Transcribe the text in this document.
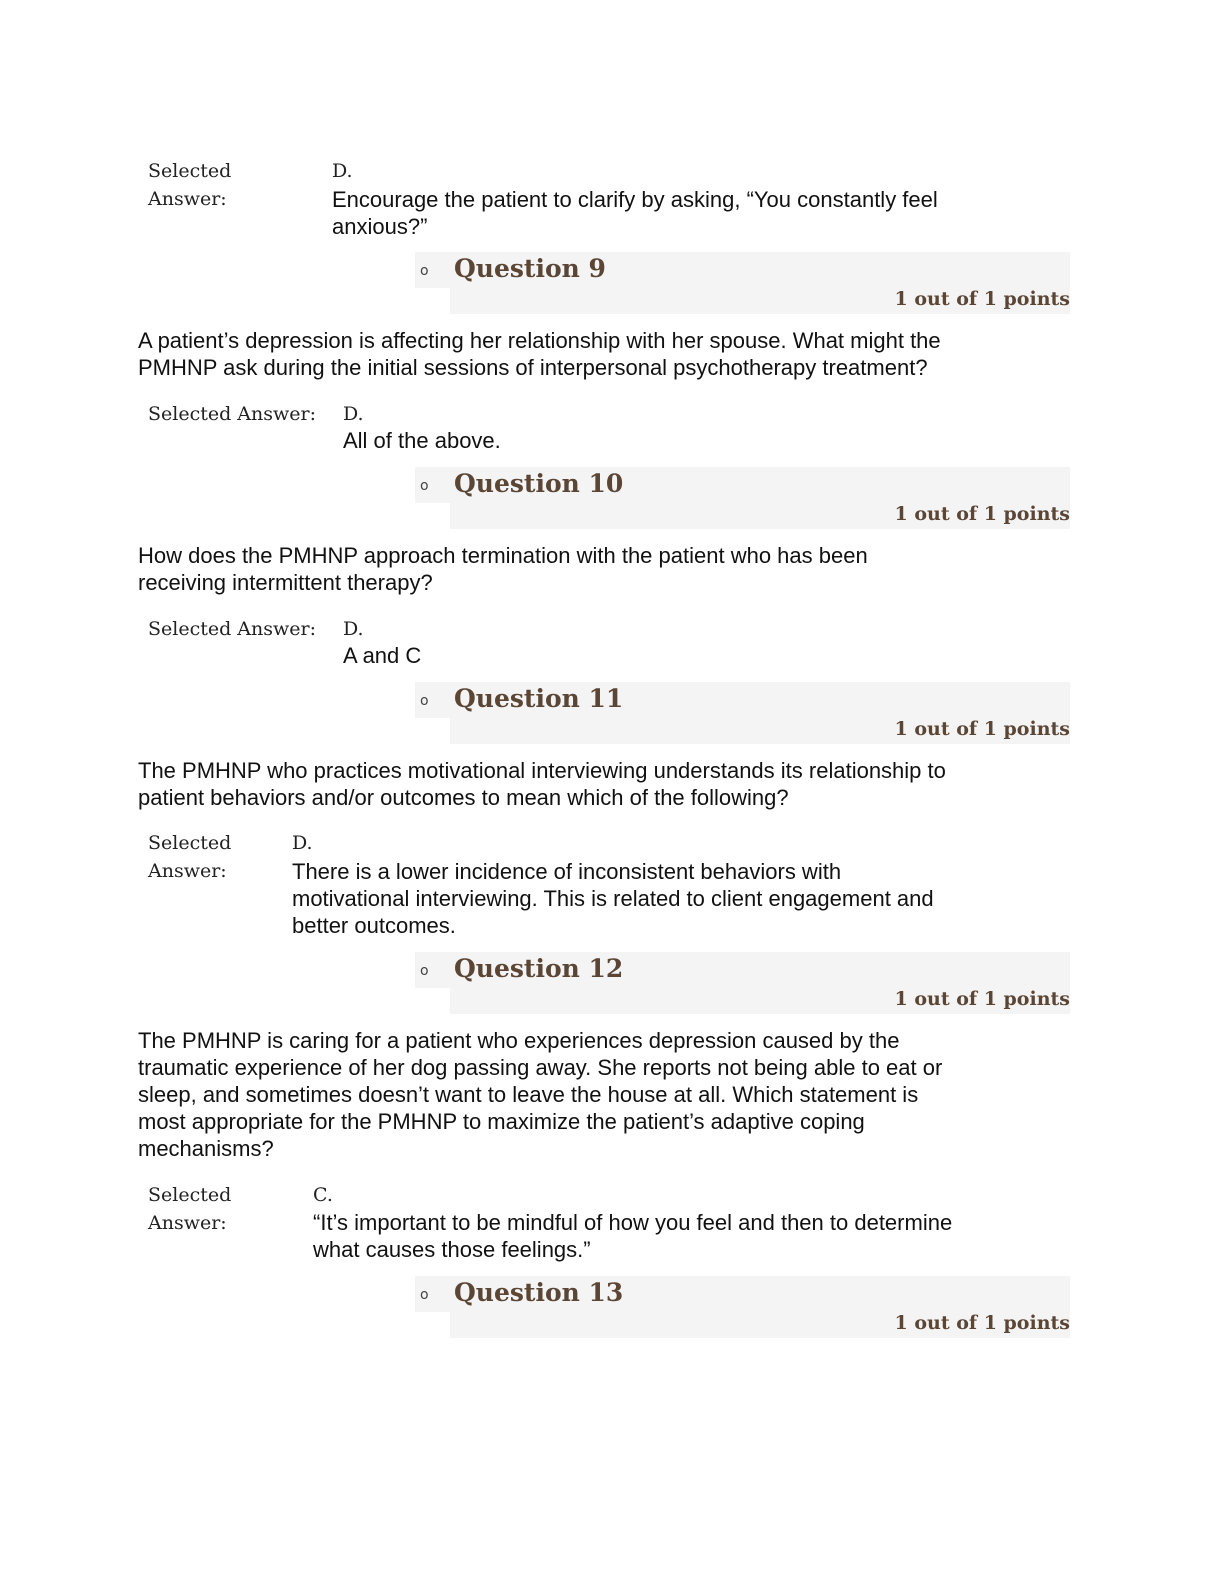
Selected
Answer:
D.
Encourage the patient to clarify by asking, “You constantly feel
anxious?”
o Question 9
1 out of 1 points
A patient’s depression is affecting her relationship with her spouse. What might the
PMHNP ask during the initial sessions of interpersonal psychotherapy treatment?
Selected Answer: D.
All of the above.
o Question 10
1 out of 1 points
How does the PMHNP approach termination with the patient who has been
receiving intermittent therapy?
Selected Answer: D.
A and C
o Question 11
1 out of 1 points
The PMHNP who practices motivational interviewing understands its relationship to
patient behaviors and/or outcomes to mean which of the following?
Selected
Answer:
D.
There is a lower incidence of inconsistent behaviors with
motivational interviewing. This is related to client engagement and
better outcomes.
o Question 12
1 out of 1 points
The PMHNP is caring for a patient who experiences depression caused by the
traumatic experience of her dog passing away. She reports not being able to eat or
sleep, and sometimes doesn’t want to leave the house at all. Which statement is
most appropriate for the PMHNP to maximize the patient’s adaptive coping
mechanisms?
Selected
Answer:
C.
“It’s important to be mindful of how you feel and then to determine
what causes those feelings.”
o Question 13
1 out of 1 points
